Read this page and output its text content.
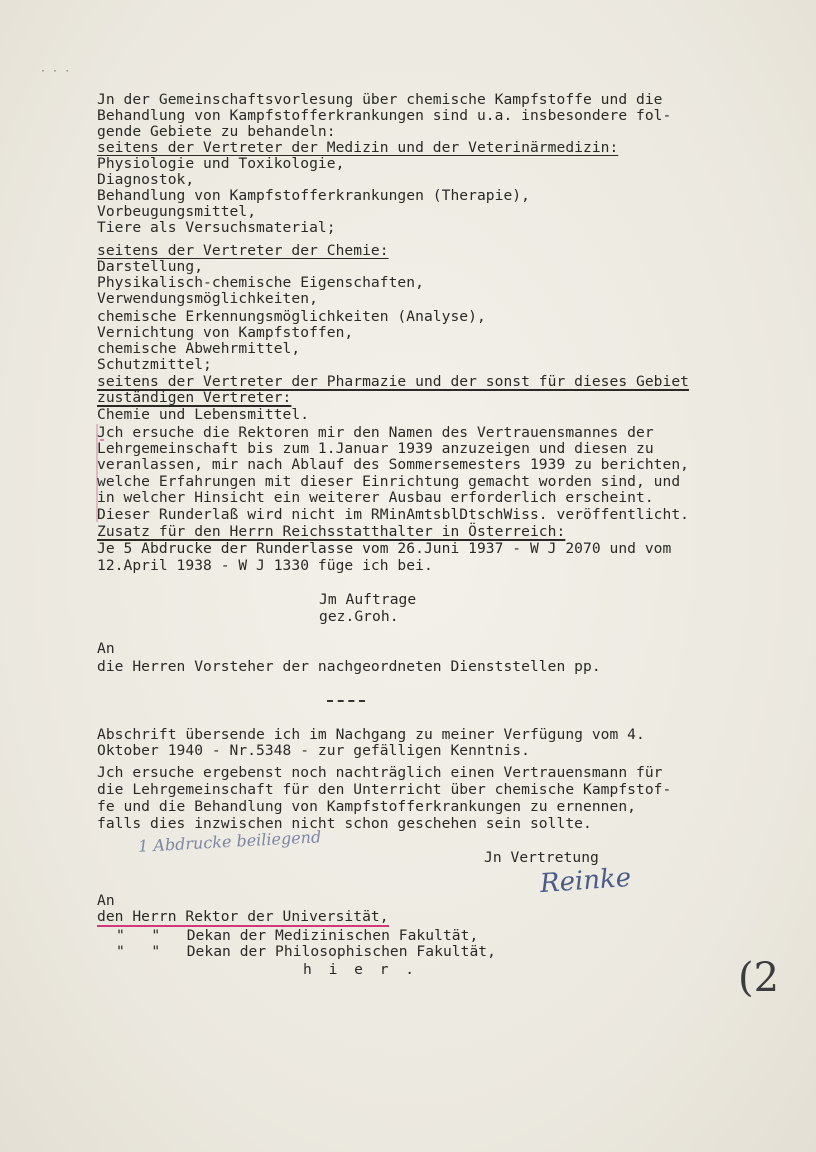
· · ·
Jn der Gemeinschaftsvorlesung über chemische Kampfstoffe und die
Behandlung von Kampfstofferkrankungen sind u.a. insbesondere fol-
gende Gebiete zu behandeln:
seitens der Vertreter der Medizin und der Veterinärmedizin:
Physiologie und Toxikologie,
Diagnostok,
Behandlung von Kampfstofferkrankungen (Therapie),
Vorbeugungsmittel,
Tiere als Versuchsmaterial;
seitens der Vertreter der Chemie:
Darstellung,
Physikalisch-chemische Eigenschaften,
Verwendungsmöglichkeiten,
chemische Erkennungsmöglichkeiten (Analyse),
Vernichtung von Kampfstoffen,
chemische Abwehrmittel,
Schutzmittel;
seitens der Vertreter der Pharmazie und der sonst für dieses Gebiet
zuständigen Vertreter:
Chemie und Lebensmittel.
Jch ersuche die Rektoren mir den Namen des Vertrauensmannes der
Lehrgemeinschaft bis zum 1.Januar 1939 anzuzeigen und diesen zu
veranlassen, mir nach Ablauf des Sommersemesters 1939 zu berichten,
welche Erfahrungen mit dieser Einrichtung gemacht worden sind, und
in welcher Hinsicht ein weiterer Ausbau erforderlich erscheint.
Dieser Runderlaß wird nicht im RMinAmtsblDtschWiss. veröffentlicht.
Zusatz für den Herrn Reichsstatthalter in Österreich:
Je 5 Abdrucke der Runderlasse vom 26.Juni 1937 - W J 2070 und vom
12.April 1938 - W J 1330 füge ich bei.
Jm Auftrage
gez.Groh.
An
die Herren Vorsteher der nachgeordneten Dienststellen pp.
Abschrift übersende ich im Nachgang zu meiner Verfügung vom 4.
Oktober 1940 - Nr.5348 - zur gefälligen Kenntnis.
Jch ersuche ergebenst noch nachträglich einen Vertrauensmann für
die Lehrgemeinschaft für den Unterricht über chemische Kampfstof-
fe und die Behandlung von Kampfstofferkrankungen zu ernennen,
falls dies inzwischen nicht schon geschehen sein sollte.
1 Abdrucke beiliegend
Jn Vertretung
Reinke
An
den Herrn Rektor der Universität,
"   "   Dekan der Medizinischen Fakultät,
"   "   Dekan der Philosophischen Fakultät,
h i e r .	(2
